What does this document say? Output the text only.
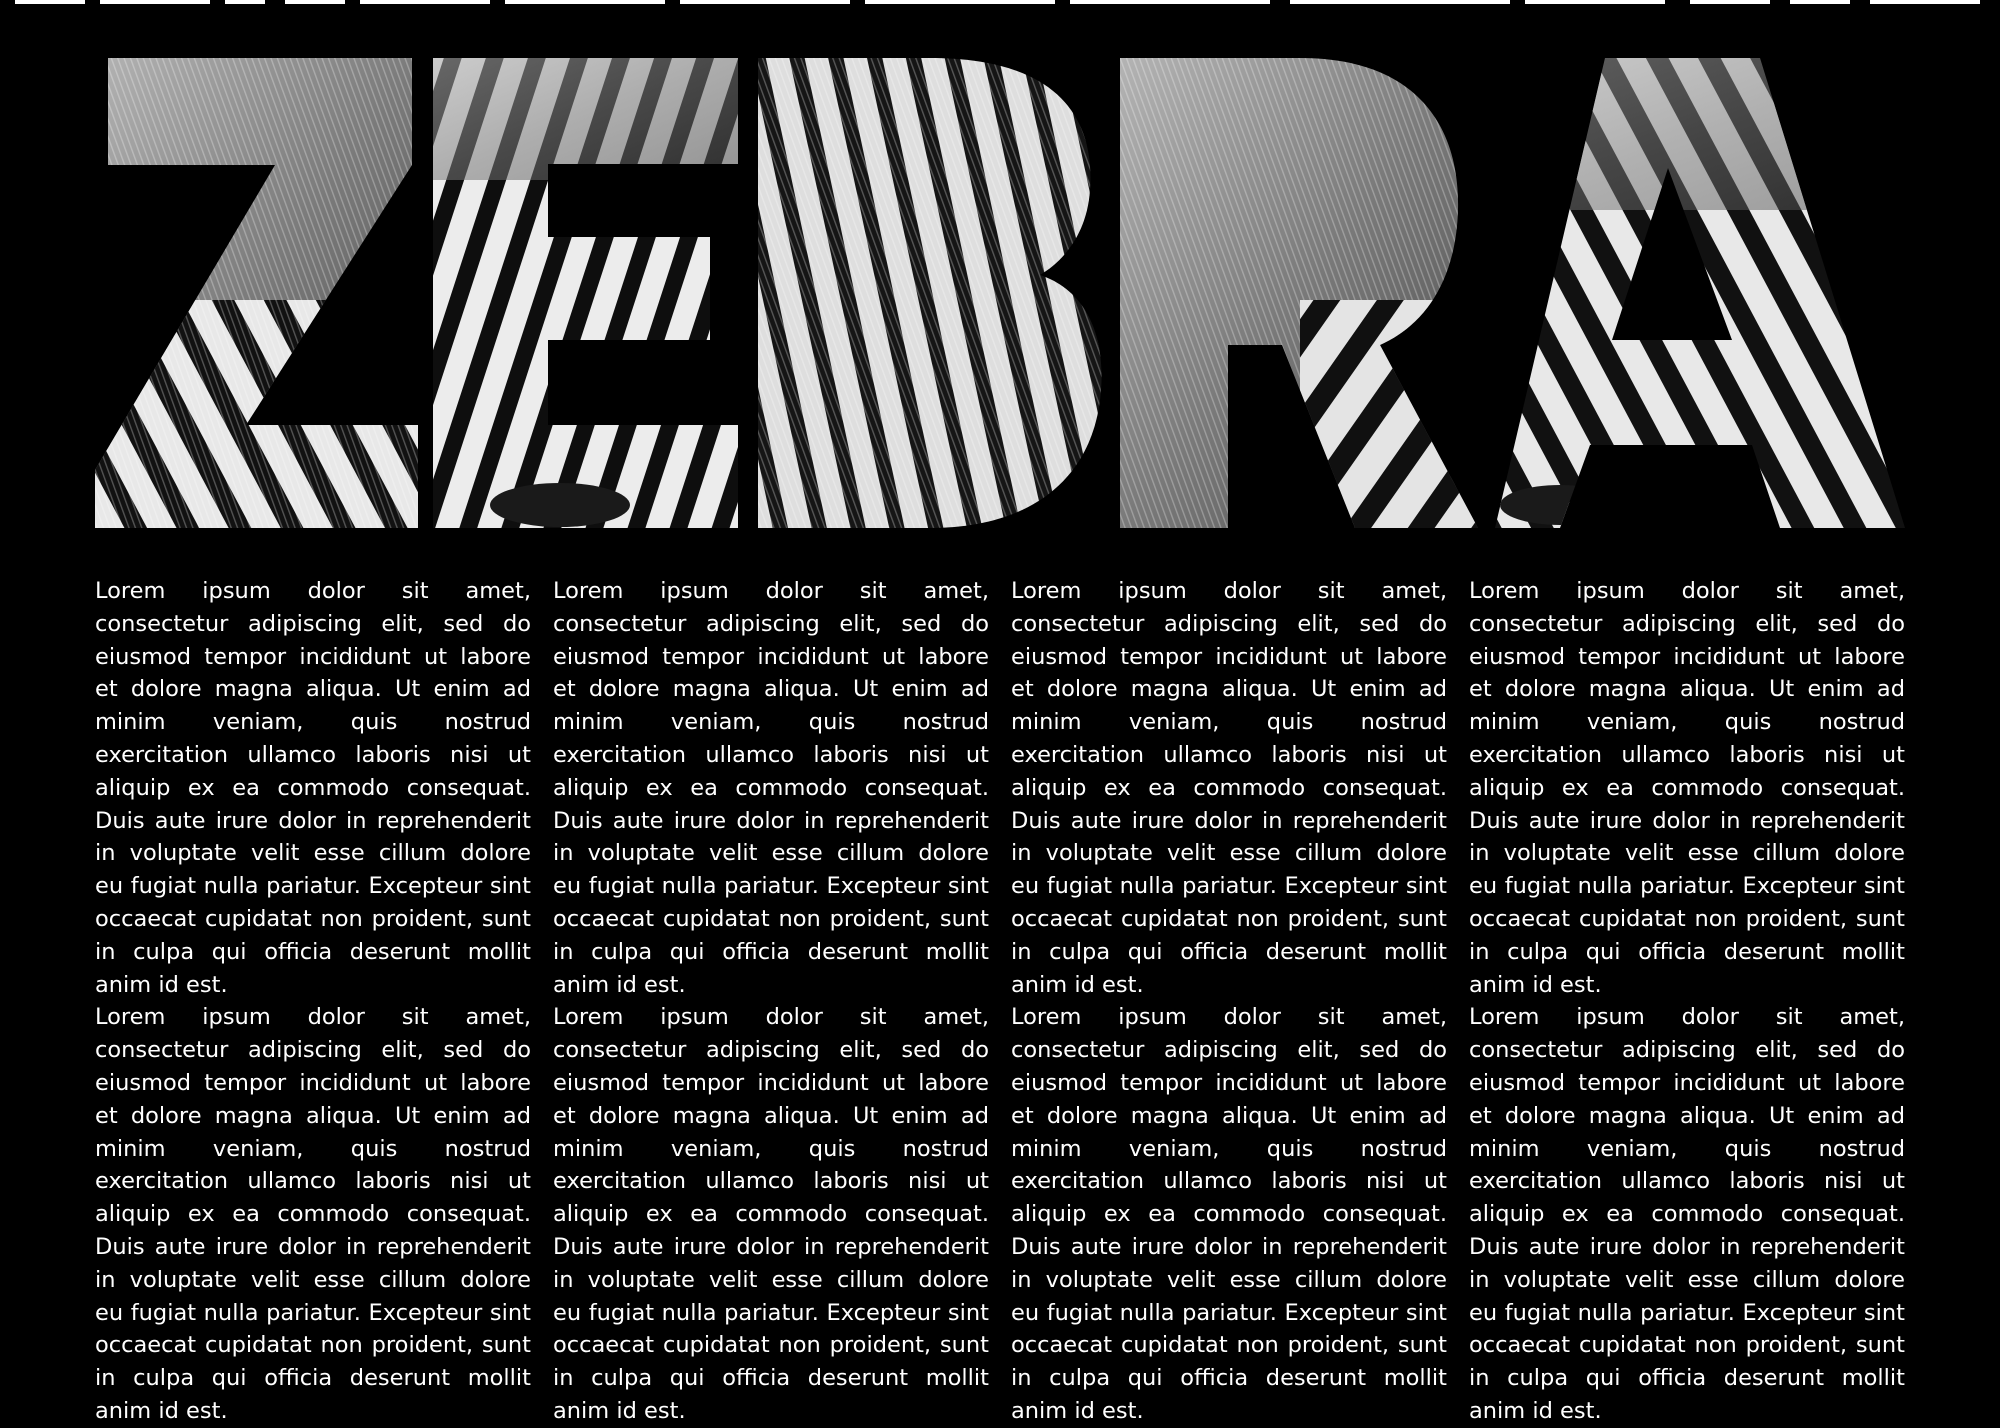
ZEBRA

Lorem ipsum dolor sit amet, consectetur adipiscing elit, sed do eiusmod tempor incididunt ut labore et dolore magna aliqua. Ut enim ad minim veniam, quis nostrud exercitation ullamco laboris nisi ut aliquip ex ea commodo consequat. Duis aute irure dolor in reprehenderit in voluptate velit esse cillum dolore eu fugiat nulla pariatur. Excepteur sint occaecat cupidatat non proident, sunt in culpa qui officia deserunt mollit anim id est.

Lorem ipsum dolor sit amet, consectetur adipiscing elit, sed do eiusmod tempor incididunt ut labore et dolore magna aliqua. Ut enim ad minim veniam, quis nostrud exercitation ullamco laboris nisi ut aliquip ex ea commodo consequat. Duis aute irure dolor in reprehenderit in voluptate velit esse cillum dolore eu fugiat nulla pariatur. Excepteur sint occaecat cupidatat non proident, sunt in culpa qui officia deserunt mollit anim id est.

Lorem ipsum dolor sit amet, consectetur adipiscing elit, sed do eiusmod tempor incididunt ut labore et dolore magna aliqua. Ut enim ad minim veniam, quis nostrud exercitation ullamco laboris nisi ut aliquip ex ea commodo consequat. Duis aute irure dolor in reprehenderit in voluptate velit esse cillum dolore eu fugiat nulla pariatur. Excepteur sint occaecat cupidatat non proident, sunt in culpa qui officia deserunt mollit anim id est.

Lorem ipsum dolor sit amet, consectetur adipiscing elit, sed do eiusmod tempor incididunt ut labore et dolore magna aliqua. Ut enim ad minim veniam, quis nostrud exercitation ullamco laboris nisi ut aliquip ex ea commodo consequat. Duis aute irure dolor in reprehenderit in voluptate velit esse cillum dolore eu fugiat nulla pariatur. Excepteur sint occaecat cupidatat non proident, sunt in culpa qui officia deserunt mollit anim id est.

Lorem ipsum dolor sit amet, consectetur adipiscing elit, sed do eiusmod tempor incididunt ut labore et dolore magna aliqua. Ut enim ad minim veniam, quis nostrud exercitation ullamco laboris nisi ut aliquip ex ea commodo consequat. Duis aute irure dolor in reprehenderit in voluptate velit esse cillum dolore eu fugiat nulla pariatur. Excepteur sint occaecat cupidatat non proident, sunt in culpa qui officia deserunt mollit anim id est.

Lorem ipsum dolor sit amet, consectetur adipiscing elit, sed do eiusmod tempor incididunt ut labore et dolore magna aliqua. Ut enim ad minim veniam, quis nostrud exercitation ullamco laboris nisi ut aliquip ex ea commodo consequat. Duis aute irure dolor in reprehenderit in voluptate velit esse cillum dolore eu fugiat nulla pariatur. Excepteur sint occaecat cupidatat non proident, sunt in culpa qui officia deserunt mollit anim id est.

Lorem ipsum dolor sit amet, consectetur adipiscing elit, sed do eiusmod tempor incididunt ut labore et dolore magna aliqua. Ut enim ad minim veniam, quis nostrud exercitation ullamco laboris nisi ut aliquip ex ea commodo consequat. Duis aute irure dolor in reprehenderit in voluptate velit esse cillum dolore eu fugiat nulla pariatur. Excepteur sint occaecat cupidatat non proident, sunt in culpa qui officia deserunt mollit anim id est.

Lorem ipsum dolor sit amet, consectetur adipiscing elit, sed do eiusmod tempor incididunt ut labore et dolore magna aliqua. Ut enim ad minim veniam, quis nostrud exercitation ullamco laboris nisi ut aliquip ex ea commodo consequat. Duis aute irure dolor in reprehenderit in voluptate velit esse cillum dolore eu fugiat nulla pariatur. Excepteur sint occaecat cupidatat non proident, sunt in culpa qui officia deserunt mollit anim id est.
